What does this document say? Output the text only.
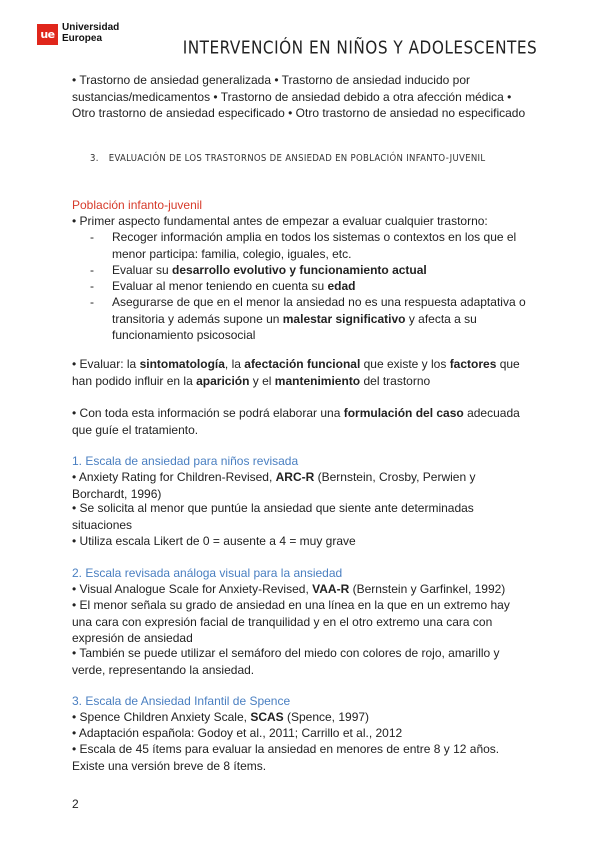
ue
Universidad
Europea	INTERVENCIÓN EN NIÑOS Y ADOLESCENTES
• Trastorno de ansiedad generalizada • Trastorno de ansiedad inducido por sustancias/medicamentos • Trastorno de ansiedad debido a otra afección médica • Otro trastorno de ansiedad especificado • Otro trastorno de ansiedad no especificado
3. EVALUACIÓN DE LOS TRASTORNOS DE ANSIEDAD EN POBLACIÓN INFANTO-JUVENIL
Población infanto-juvenil
• Primer aspecto fundamental antes de empezar a evaluar cualquier trastorno:
- Recoger información amplia en todos los sistemas o contextos en los que el menor participa: familia, colegio, iguales, etc.
- Evaluar su desarrollo evolutivo y funcionamiento actual
- Evaluar al menor teniendo en cuenta su edad
- Asegurarse de que en el menor la ansiedad no es una respuesta adaptativa o transitoria y además supone un malestar significativo y afecta a su funcionamiento psicosocial
• Evaluar: la sintomatología, la afectación funcional que existe y los factores que han podido influir en la aparición y el mantenimiento del trastorno
• Con toda esta información se podrá elaborar una formulación del caso adecuada que guíe el tratamiento.
1. Escala de ansiedad para niños revisada
• Anxiety Rating for Children-Revised, ARC-R (Bernstein, Crosby, Perwien y Borchardt, 1996)
• Se solicita al menor que puntúe la ansiedad que siente ante determinadas situaciones
• Utiliza escala Likert de 0 = ausente a 4 = muy grave
2. Escala revisada análoga visual para la ansiedad
• Visual Analogue Scale for Anxiety-Revised, VAA-R (Bernstein y Garfinkel, 1992)
• El menor señala su grado de ansiedad en una línea en la que en un extremo hay una cara con expresión facial de tranquilidad y en el otro extremo una cara con expresión de ansiedad
• También se puede utilizar el semáforo del miedo con colores de rojo, amarillo y verde, representando la ansiedad.
3. Escala de Ansiedad Infantil de Spence
• Spence Children Anxiety Scale, SCAS (Spence, 1997)
• Adaptación española: Godoy et al., 2011; Carrillo et al., 2012
• Escala de 45 ítems para evaluar la ansiedad en menores de entre 8 y 12 años. Existe una versión breve de 8 ítems.
2
